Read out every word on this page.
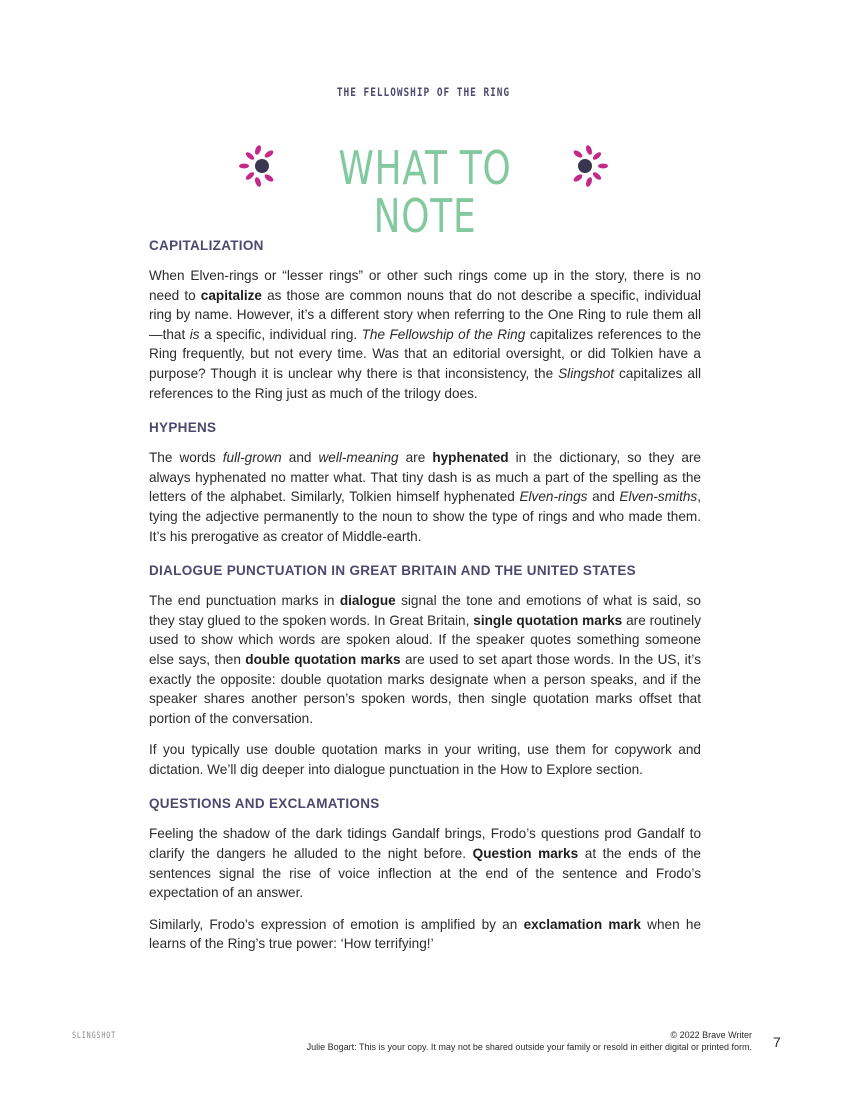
THE FELLOWSHIP OF THE RING
WHAT TO NOTE
CAPITALIZATION

When Elven-rings or “lesser rings” or other such rings come up in the story, there is no need to capitalize as those are common nouns that do not describe a specific, individual ring by name. However, it’s a different story when referring to the One Ring to rule them all—that is a specific, individual ring. The Fellowship of the Ring capitalizes references to the Ring frequently, but not every time. Was that an editorial oversight, or did Tolkien have a purpose? Though it is unclear why there is that inconsistency, the Slingshot capitalizes all references to the Ring just as much of the trilogy does.

HYPHENS

The words full-grown and well-meaning are hyphenated in the dictionary, so they are always hyphenated no matter what. That tiny dash is as much a part of the spelling as the letters of the alphabet. Similarly, Tolkien himself hyphenated Elven-rings and Elven-smiths, tying the adjective permanently to the noun to show the type of rings and who made them. It’s his prerogative as creator of Middle-earth.

DIALOGUE PUNCTUATION IN GREAT BRITAIN AND THE UNITED STATES

The end punctuation marks in dialogue signal the tone and emotions of what is said, so they stay glued to the spoken words. In Great Britain, single quotation marks are routinely used to show which words are spoken aloud. If the speaker quotes something someone else says, then double quotation marks are used to set apart those words. In the US, it’s exactly the opposite: double quotation marks designate when a person speaks, and if the speaker shares another person’s spoken words, then single quotation marks offset that portion of the conversation.

If you typically use double quotation marks in your writing, use them for copywork and dictation. We’ll dig deeper into dialogue punctuation in the How to Explore section.

QUESTIONS AND EXCLAMATIONS

Feeling the shadow of the dark tidings Gandalf brings, Frodo’s questions prod Gandalf to clarify the dangers he alluded to the night before. Question marks at the ends of the sentences signal the rise of voice inflection at the end of the sentence and Frodo’s expectation of an answer.

Similarly, Frodo’s expression of emotion is amplified by an exclamation mark when he learns of the Ring’s true power: ‘How terrifying!’

SLINGSHOT	© 2022 Brave Writer
Julie Bogart: This is your copy. It may not be shared outside your family or resold in either digital or printed form. 7
